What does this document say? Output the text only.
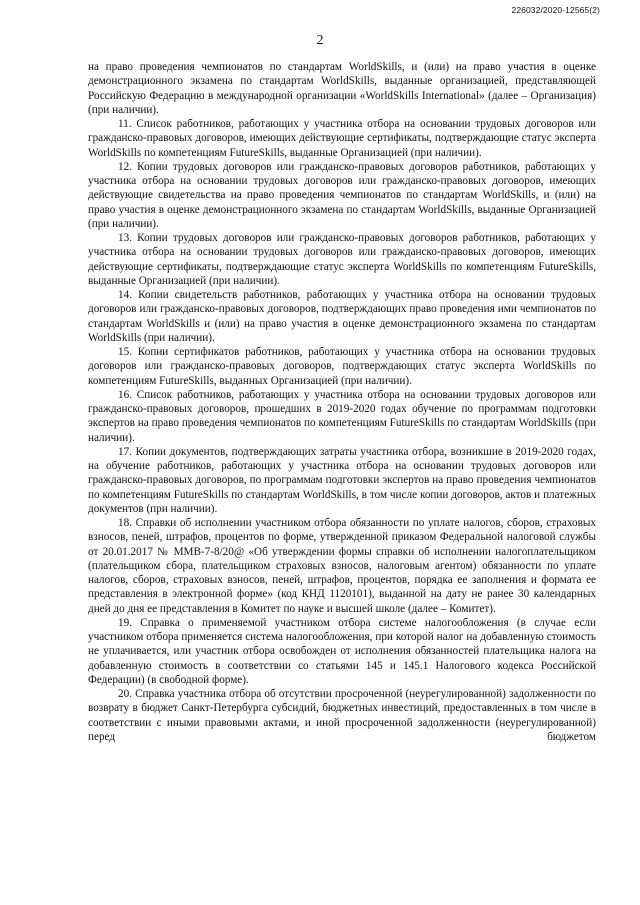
226032/2020-12565(2)
2

на право проведения чемпионатов по стандартам WorldSkills, и (или) на право участия в оценке демонстрационного экзамена по стандартам WorldSkills, выданные организацией, представляющей Российскую Федерацию в международной организации «WorldSkills International» (далее – Организация) (при наличии).

11. Список работников, работающих у участника отбора на основании трудовых договоров или гражданско-правовых договоров, имеющих действующие сертификаты, подтверждающие статус эксперта WorldSkills по компетенциям FutureSkills, выданные Организацией (при наличии).

12. Копии трудовых договоров или гражданско-правовых договоров работников, работающих у участника отбора на основании трудовых договоров или гражданско-правовых договоров, имеющих действующие свидетельства на право проведения чемпионатов по стандартам WorldSkills, и (или) на право участия в оценке демонстрационного экзамена по стандартам WorldSkills, выданные Организацией (при наличии).

13. Копии трудовых договоров или гражданско-правовых договоров работников, работающих у участника отбора на основании трудовых договоров или гражданско-правовых договоров, имеющих действующие сертификаты, подтверждающие статус эксперта WorldSkills по компетенциям FutureSkills, выданные Организацией (при наличии).

14. Копии свидетельств работников, работающих у участника отбора на основании трудовых договоров или гражданско-правовых договоров, подтверждающих право проведения ими чемпионатов по стандартам WorldSkills и (или) на право участия в оценке демонстрационного экзамена по стандартам WorldSkills (при наличии).

15. Копии сертификатов работников, работающих у участника отбора на основании трудовых договоров или гражданско-правовых договоров, подтверждающих статус эксперта WorldSkills по компетенциям FutureSkills, выданных Организацией (при наличии).

16. Список работников, работающих у участника отбора на основании трудовых договоров или гражданско-правовых договоров, прошедших в 2019-2020 годах обучение по программам подготовки экспертов на право проведения чемпионатов по компетенциям FutureSkills по стандартам WorldSkills (при наличии).

17. Копии документов, подтверждающих затраты участника отбора, возникшие в 2019-2020 годах, на обучение работников, работающих у участника отбора на основании трудовых договоров или гражданско-правовых договоров, по программам подготовки экспертов на право проведения чемпионатов по компетенциям FutureSkills по стандартам WorldSkills, в том числе копии договоров, актов и платежных документов (при наличии).

18. Справки об исполнении участником отбора обязанности по уплате налогов, сборов, страховых взносов, пеней, штрафов, процентов по форме, утвержденной приказом Федеральной налоговой службы от 20.01.2017 № ММВ-7-8/20@ «Об утверждении формы справки об исполнении налогоплательщиком (плательщиком сбора, плательщиком страховых взносов, налоговым агентом) обязанности по уплате налогов, сборов, страховых взносов, пеней, штрафов, процентов, порядка ее заполнения и формата ее представления в электронной форме» (код КНД 1120101), выданной на дату не ранее 30 календарных дней до дня ее представления в Комитет по науке и высшей школе (далее – Комитет).

19. Справка о применяемой участником отбора системе налогообложения (в случае если участником отбора применяется система налогообложения, при которой налог на добавленную стоимость не уплачивается, или участник отбора освобожден от исполнения обязанностей плательщика налога на добавленную стоимость в соответствии со статьями 145 и 145.1 Налогового кодекса Российской Федерации) (в свободной форме).

20. Справка участника отбора об отсутствии просроченной (неурегулированной) задолженности по возврату в бюджет Санкт-Петербурга субсидий, бюджетных инвестиций, предоставленных в том числе в соответствии с иными правовыми актами, и иной просроченной задолженности (неурегулированной) перед бюджетом
